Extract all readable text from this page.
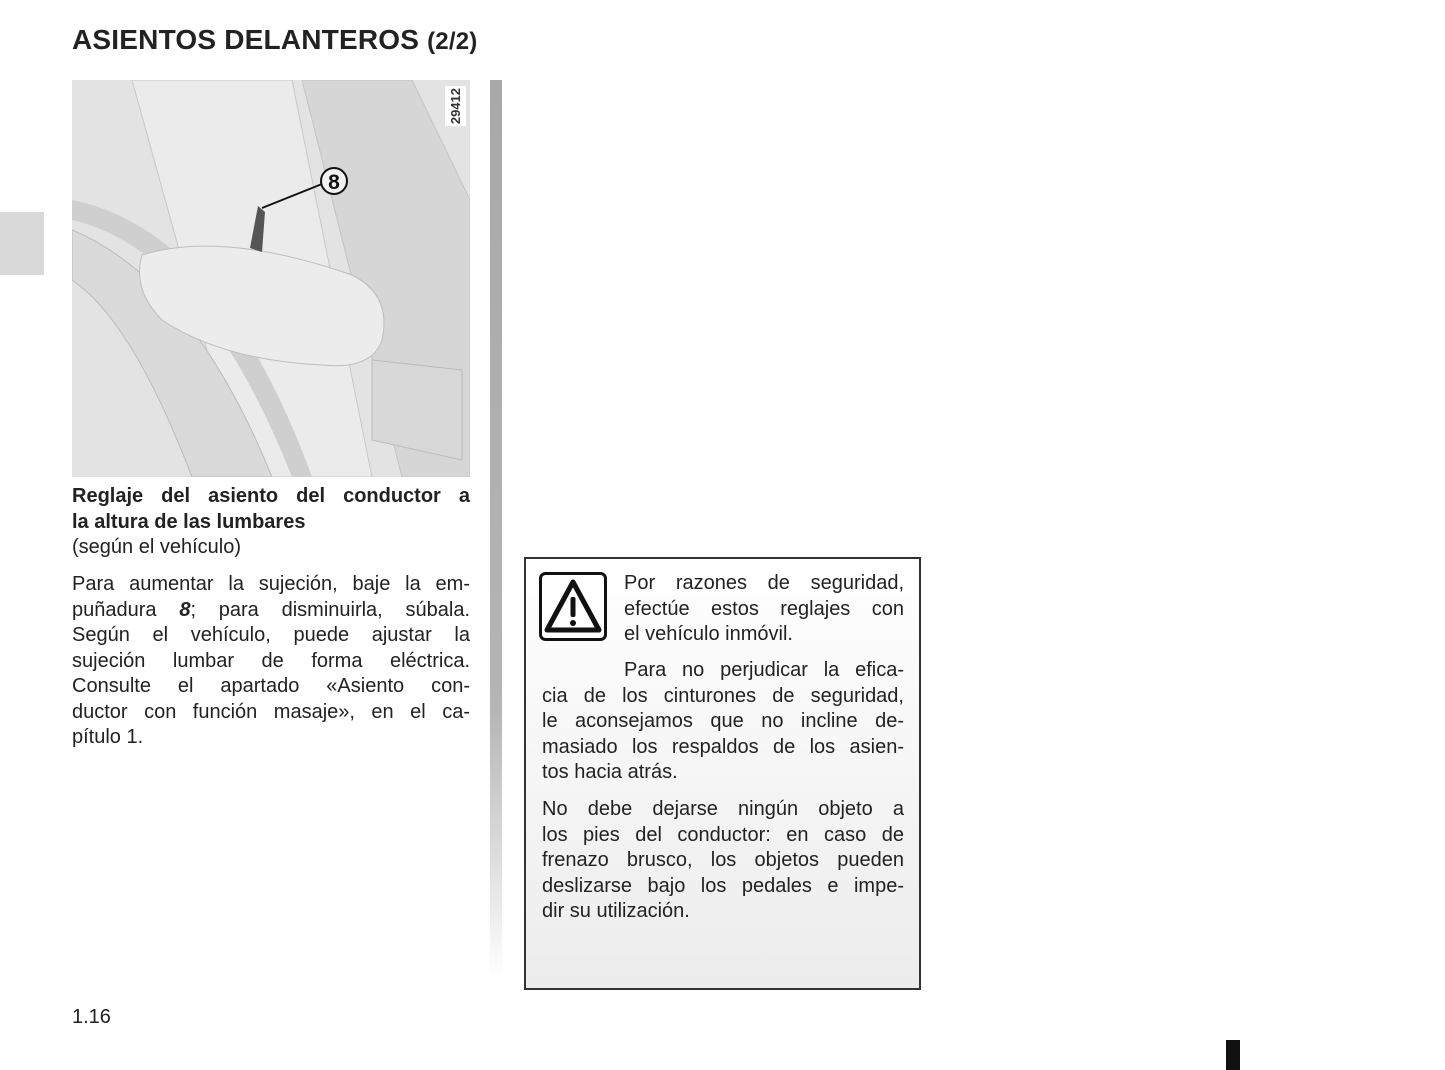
ASIENTOS DELANTEROS (2/2)
8
29412
Reglaje del asiento del conductor a
la altura de las lumbares
(según el vehículo)
Para aumentar la sujeción, baje la em-
puñadura 8; para disminuirla, súbala.
Según el vehículo, puede ajustar la
sujeción lumbar de forma eléctrica.
Consulte el apartado «Asiento con-
ductor con función masaje», en el ca-
pítulo 1.
Por razones de seguridad,
efectúe estos reglajes con
el vehículo inmóvil.
Para no perjudicar la efica-
cia de los cinturones de seguridad,
le aconsejamos que no incline de-
masiado los respaldos de los asien-
tos hacia atrás.
No debe dejarse ningún objeto a
los pies del conductor: en caso de
frenazo brusco, los objetos pueden
deslizarse bajo los pedales e impe-
dir su utilización.
1.16
